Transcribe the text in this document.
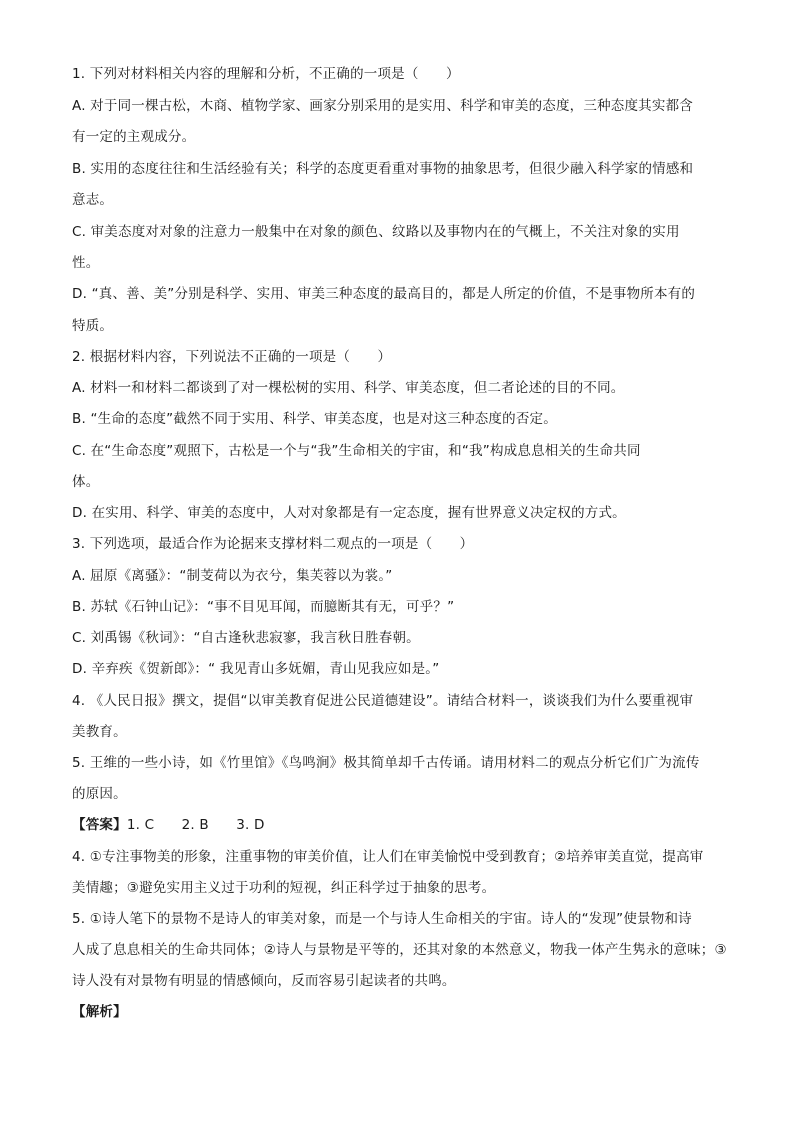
1. 下列对材料相关内容的理解和分析，不正确的一项是（　　）
A. 对于同一棵古松，木商、植物学家、画家分别采用的是实用、科学和审美的态度，三种态度其实都含
有一定的主观成分。
B. 实用的态度往往和生活经验有关；科学的态度更看重对事物的抽象思考，但很少融入科学家的情感和
意志。
C. 审美态度对对象的注意力一般集中在对象的颜色、纹路以及事物内在的气概上，不关注对象的实用
性。
D. “真、善、美”分别是科学、实用、审美三种态度的最高目的，都是人所定的价值，不是事物所本有的
特质。
2. 根据材料内容，下列说法不正确的一项是（　　）
A. 材料一和材料二都谈到了对一棵松树的实用、科学、审美态度，但二者论述的目的不同。
B. “生命的态度”截然不同于实用、科学、审美态度，也是对这三种态度的否定。
C. 在“生命态度”观照下，古松是一个与“我”生命相关的宇宙，和“我”构成息息相关的生命共同
体。
D. 在实用、科学、审美的态度中，人对对象都是有一定态度，握有世界意义决定权的方式。
3. 下列选项，最适合作为论据来支撑材料二观点的一项是（　　）
A. 屈原《离骚》：“制芰荷以为衣兮，集芙蓉以为裳。”
B. 苏轼《石钟山记》：“事不目见耳闻，而臆断其有无，可乎？”
C. 刘禹锡《秋词》：“自古逢秋悲寂寥，我言秋日胜春朝。
D. 辛弃疾《贺新郎》：“ 我见青山多妩媚，青山见我应如是。”
4. 《人民日报》撰文，提倡“以审美教育促进公民道德建设”。请结合材料一，谈谈我们为什么要重视审
美教育。
5. 王维的一些小诗，如《竹里馆》《鸟鸣涧》极其简单却千古传诵。请用材料二的观点分析它们广为流传
的原因。
【答案】1. C　　2. B　　3. D
4. ①专注事物美的形象，注重事物的审美价值，让人们在审美愉悦中受到教育；②培养审美直觉，提高审
美情趣；③避免实用主义过于功利的短视，纠正科学过于抽象的思考。
5. ①诗人笔下的景物不是诗人的审美对象，而是一个与诗人生命相关的宇宙。诗人的“发现”使景物和诗
人成了息息相关的生命共同体；②诗人与景物是平等的，还其对象的本然意义，物我一体产生隽永的意味；③
诗人没有对景物有明显的情感倾向，反而容易引起读者的共鸣。
【解析】
